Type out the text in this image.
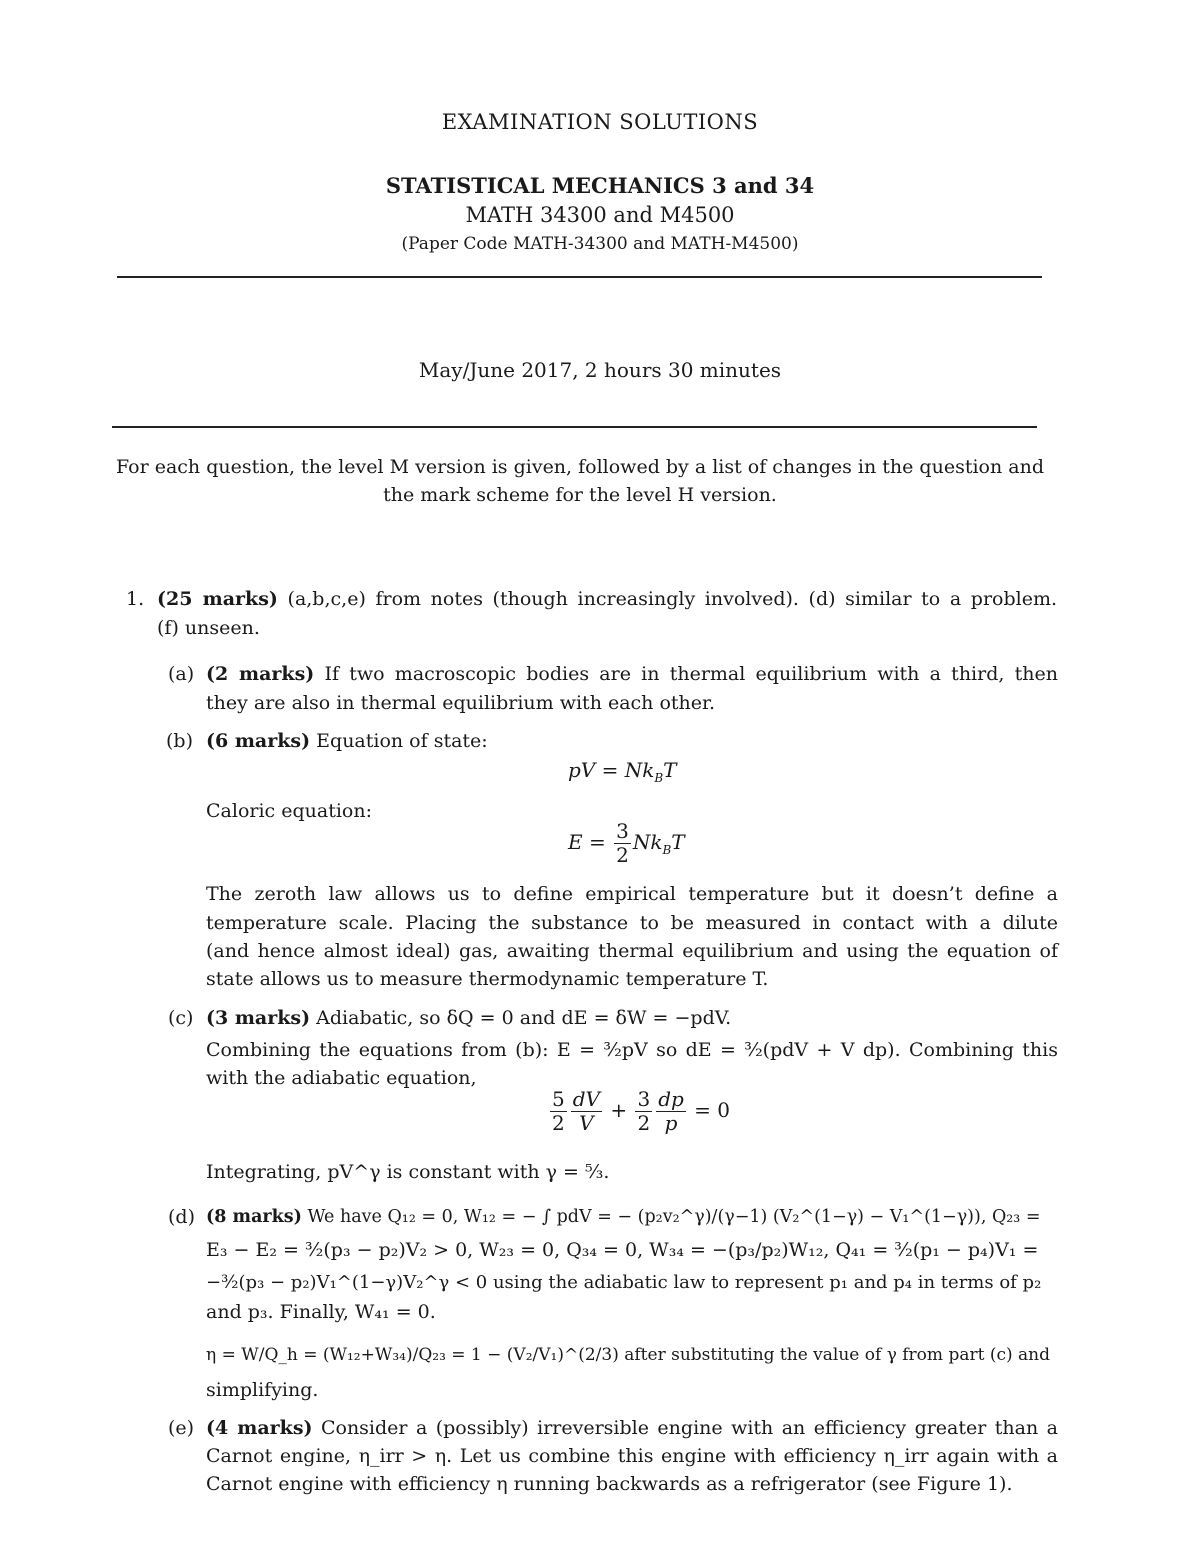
EXAMINATION SOLUTIONS
STATISTICAL MECHANICS 3 and 34
MATH 34300 and M4500
(Paper Code MATH-34300 and MATH-M4500)
May/June 2017, 2 hours 30 minutes
For each question, the level M version is given, followed by a list of changes in the question and the mark scheme for the level H version.
1. (25 marks) (a,b,c,e) from notes (though increasingly involved). (d) similar to a problem.
(f) unseen.
(a) (2 marks) If two macroscopic bodies are in thermal equilibrium with a third, then
they are also in thermal equilibrium with each other.
(b) (6 marks) Equation of state:
pV = $Nk_BT$
Caloric equation:
$E = \frac{3}{2} Nk_BT$
The zeroth law allows us to define empirical temperature but it doesn’t define a
temperature scale. Placing the substance to be measured in contact with a dilute
(and hence almost ideal) gas, awaiting thermal equilibrium and using the equation of
state allows us to measure thermodynamic temperature T.
(c) (3 marks) Adiabatic, so δQ = 0 and dE = δW = −pdV.
Combining the equations from (b): E = ³⁄₂pV so dE = ³⁄₂(pdV + V dp). Combining this
with the adiabatic equation,
$\frac{5}{2} \frac{dV}{V} + \frac{3}{2} \frac{dp}{p} = 0$
Integrating, pV^γ is constant with γ = ⁵⁄₃.
(d) (8 marks) We have Q₁₂ = 0, W₁₂ = − ∫ pdV = − (p₂v₂^γ)/(γ−1) (V₂^(1−γ) − V₁^(1−γ)), Q₂₃ =
E₃ − E₂ = ³⁄₂(p₃ − p₂)V₂ > 0, W₂₃ = 0, Q₃₄ = 0, W₃₄ = −(p₃/p₂)W₁₂, Q₄₁ = ³⁄₂(p₁ − p₄)V₁ =
−³⁄₂(p₃ − p₂)V₁^(1−γ)V₂^γ < 0 using the adiabatic law to represent p₁ and p₄ in terms of p₂
and p₃. Finally, W₄₁ = 0.
η = W/Q_h = (W₁₂+W₃₄)/Q₂₃ = 1 − (V₂/V₁)^(2/3) after substituting the value of γ from part (c) and
simplifying.
(e) (4 marks) Consider a (possibly) irreversible engine with an efficiency greater than a
Carnot engine, η_irr > η. Let us combine this engine with efficiency η_irr again with a
Carnot engine with efficiency η running backwards as a refrigerator (see Figure 1).
